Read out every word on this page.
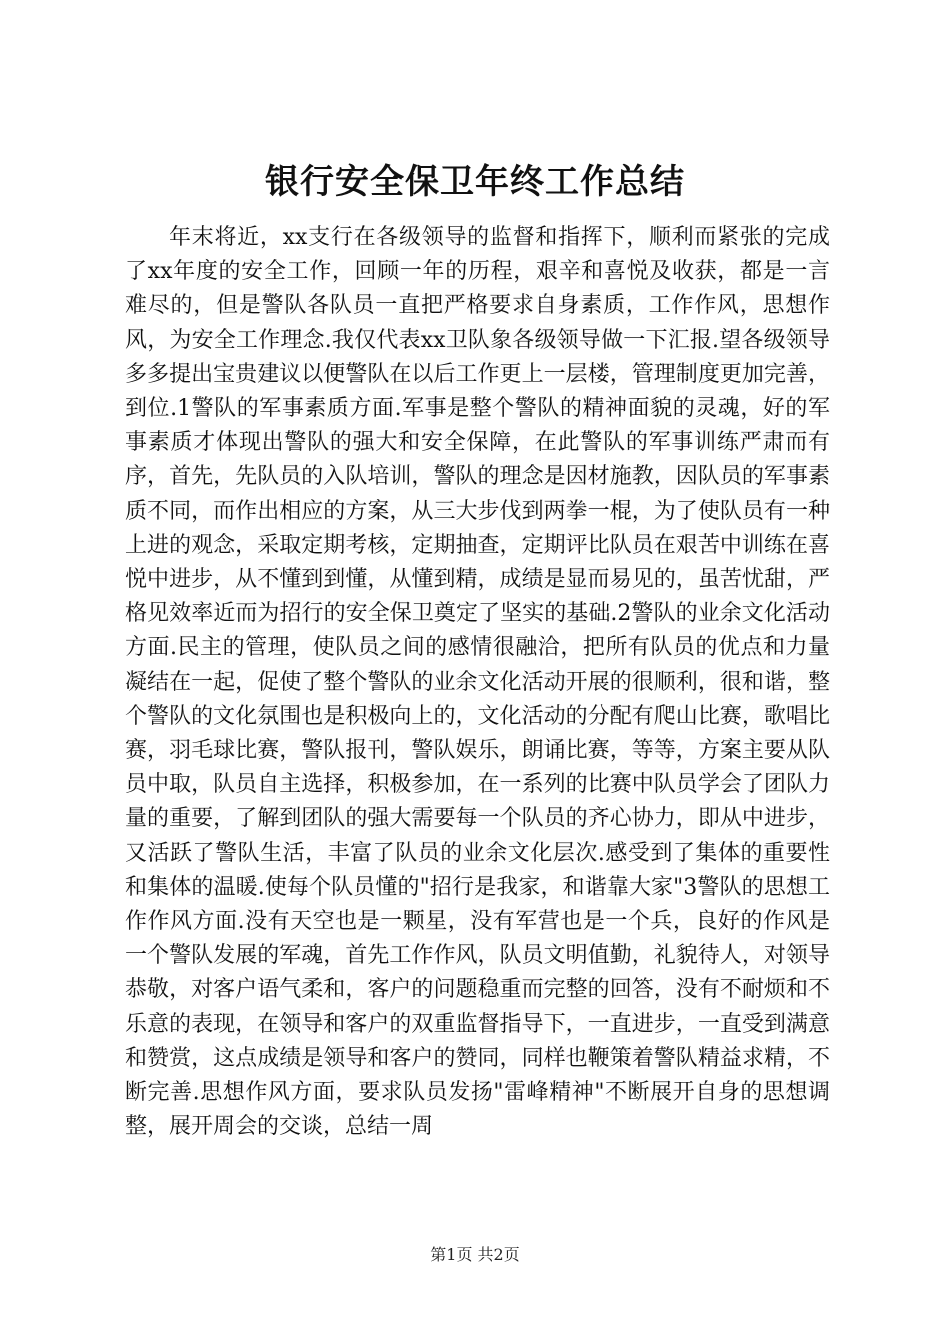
银行安全保卫年终工作总结

年末将近，xx支行在各级领导的监督和指挥下，顺利而紧张的完成了xx年度的安全工作，回顾一年的历程，艰辛和喜悦及收获，都是一言难尽的，但是警队各队员一直把严格要求自身素质，工作作风，思想作风，为安全工作理念.我仅代表xx卫队象各级领导做一下汇报.望各级领导多多提出宝贵建议以便警队在以后工作更上一层楼，管理制度更加完善，到位.1警队的军事素质方面.军事是整个警队的精神面貌的灵魂，好的军事素质才体现出警队的强大和安全保障，在此警队的军事训练严肃而有序，首先，先队员的入队培训，警队的理念是因材施教，因队员的军事素质不同，而作出相应的方案，从三大步伐到两拳一棍，为了使队员有一种上进的观念，采取定期考核，定期抽查，定期评比队员在艰苦中训练在喜悦中进步，从不懂到到懂，从懂到精，成绩是显而易见的，虽苦忧甜，严格见效率近而为招行的安全保卫奠定了坚实的基础.2警队的业余文化活动方面.民主的管理，使队员之间的感情很融洽，把所有队员的优点和力量凝结在一起，促使了整个警队的业余文化活动开展的很顺利，很和谐，整个警队的文化氛围也是积极向上的，文化活动的分配有爬山比赛，歌唱比赛，羽毛球比赛，警队报刊，警队娱乐，朗诵比赛，等等，方案主要从队员中取，队员自主选择，积极参加，在一系列的比赛中队员学会了团队力量的重要，了解到团队的强大需要每一个队员的齐心协力，即从中进步，又活跃了警队生活，丰富了队员的业余文化层次.感受到了集体的重要性和集体的温暖.使每个队员懂的"招行是我家，和谐靠大家"3警队的思想工作作风方面.没有天空也是一颗星，没有军营也是一个兵，良好的作风是一个警队发展的军魂，首先工作作风，队员文明值勤，礼貌待人，对领导恭敬，对客户语气柔和，客户的问题稳重而完整的回答，没有不耐烦和不乐意的表现，在领导和客户的双重监督指导下，一直进步，一直受到满意和赞赏，这点成绩是领导和客户的赞同，同样也鞭策着警队精益求精，不断完善.思想作风方面，要求队员发扬"雷峰精神"不断展开自身的思想调整，展开周会的交谈，总结一周

第1页 共2页
